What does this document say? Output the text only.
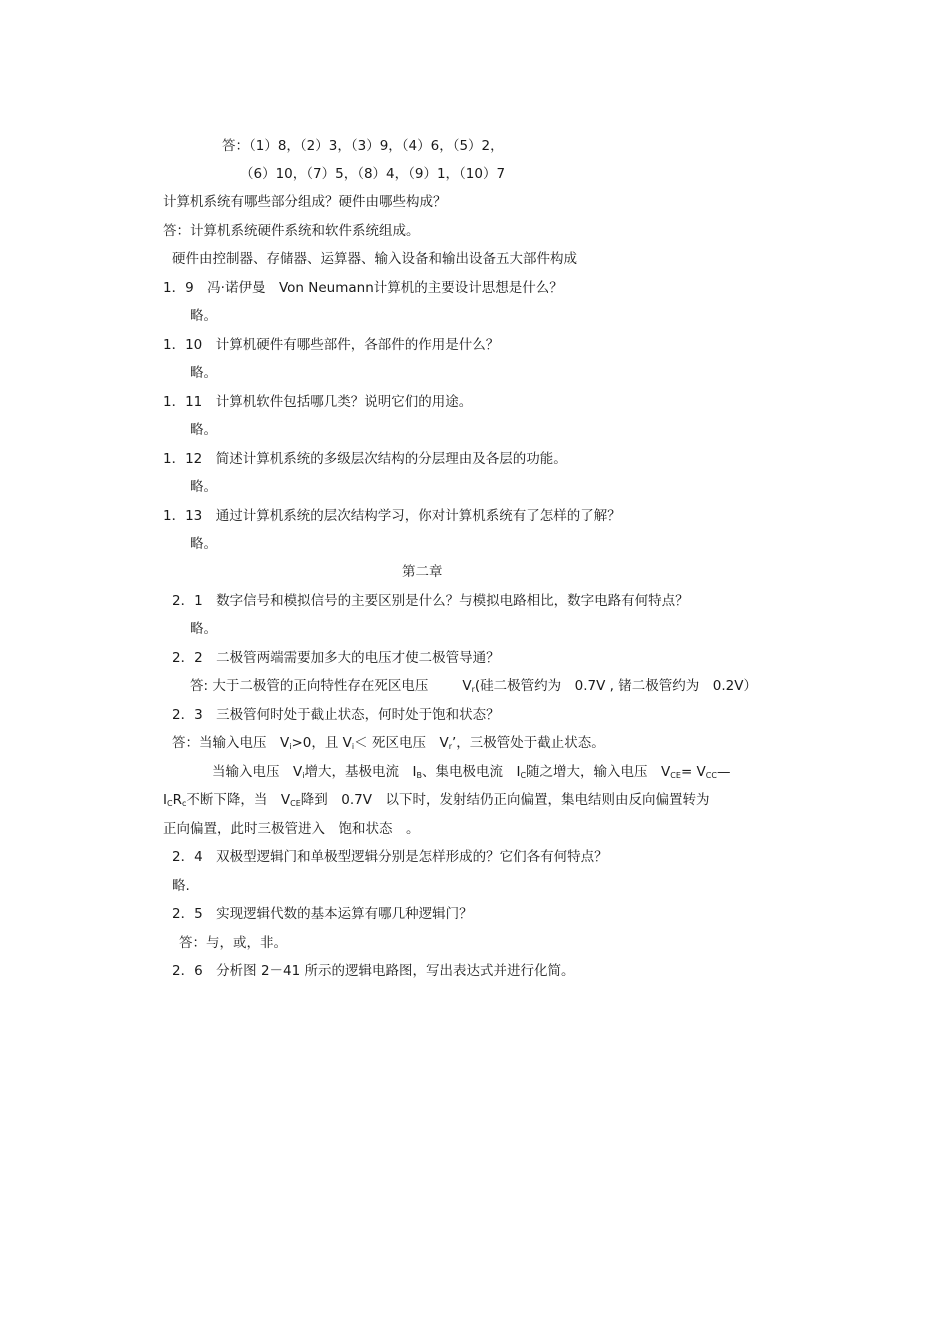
答：（1）8，（2）3，（3）9，（4）6，（5）2，
（6）10，（7）5，（8）4，（9）1，（10）7
计算机系统有哪些部分组成？硬件由哪些构成？
答：计算机系统硬件系统和软件系统组成。
硬件由控制器、存储器、运算器、输入设备和输出设备五大部件构成
1．9　冯·诺伊曼　Von Neumann计算机的主要设计思想是什么？
略。
1．10　计算机硬件有哪些部件，各部件的作用是什么？
略。
1．11　计算机软件包括哪几类？说明它们的用途。
略。
1．12　简述计算机系统的多级层次结构的分层理由及各层的功能。
略。
1．13　通过计算机系统的层次结构学习，你对计算机系统有了怎样的了解？
略。
第二章
2．1　数字信号和模拟信号的主要区别是什么？与模拟电路相比，数字电路有何特点？
略。
2．2　二极管两端需要加多大的电压才使二极管导通？
答: 大于二极管的正向特性存在死区电压	$V_r$(硅二极管约为　0.7V , 锗二极管约为　0.2V）
2．3　三极管何时处于截止状态，何时处于饱和状态？
答：当输入电压　$V_i>0$，且 $V_i<$ 死区电压　$V_r$’，三极管处于截止状态。
当输入电压　$V_i$增大，基极电流　$I_B$、集电极电流　$I_C$随之增大，输入电压　$V_{CE}=$ $V_{CC}—$
$I_CR_c$不断下降，当　$V_{CE}$降到　0.7V　以下时，发射结仍正向偏置，集电结则由反向偏置转为
正向偏置，此时三极管进入　饱和状态　。
2．4　双极型逻辑门和单极型逻辑分别是怎样形成的？它们各有何特点？
略.
2．5　实现逻辑代数的基本运算有哪几种逻辑门？
答：与，或，非。
2．6　分析图 2－41 所示的逻辑电路图，写出表达式并进行化简。
